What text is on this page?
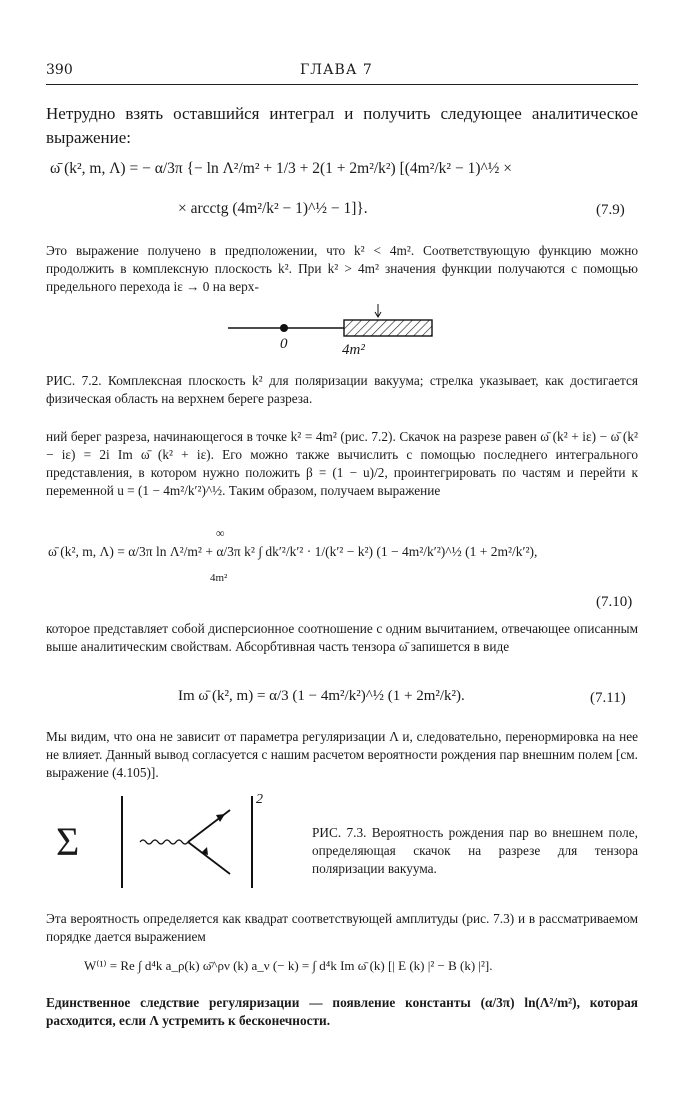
390	ГЛАВА 7
Нетрудно взять оставшийся интеграл и получить следующее аналитическое выражение:
ω̄ (k², m, Λ) = − α/3π {− ln Λ²/m² + 1/3 + 2(1 + 2m²/k²) [(4m²/k² − 1)^½ ×
× arcctg (4m²/k² − 1)^½ − 1]}.	(7.9)
Это выражение получено в предположении, что k² < 4m². Соответствующую функцию можно продолжить в комплексную плоскость k². При k² > 4m² значения функции получаются с помощью предельного перехода iε → 0 на верх-
0	4m²
РИС. 7.2. Комплексная плоскость k² для поляризации вакуума; стрелка указывает, как достигается физическая область на верхнем береге разреза.
ний берег разреза, начинающегося в точке k² = 4m² (рис. 7.2). Скачок на разрезе равен ω̄ (k² + iε) − ω̄ (k² − iε) = 2i Im ω̄ (k² + iε). Его можно также вычислить с помощью последнего интегрального представления, в котором нужно положить β = (1 − u)/2, проинтегрировать по частям и перейти к переменной u = (1 − 4m²/k′²)^½. Таким образом, получаем выражение
∞
ω̄ (k², m, Λ) = α/3π ln Λ²/m² + α/3π k² ∫ dk′²/k′² · 1/(k′² − k²) (1 − 4m²/k′²)^½ (1 + 2m²/k′²),
4m²
(7.10)
которое представляет собой дисперсионное соотношение с одним вычитанием, отвечающее описанным выше аналитическим свойствам. Абсорбтивная часть тензора ω̄ запишется в виде
Im ω̄ (k², m) = α/3 (1 − 4m²/k²)^½ (1 + 2m²/k²).	(7.11)
Мы видим, что она не зависит от параметра регуляризации Λ и, следовательно, перенормировка на нее не влияет. Данный вывод согласуется с нашим расчетом вероятности рождения пар внешним полем [см. выражение (4.105)].
Σ
2
РИС. 7.3. Вероятность рождения пар во внешнем поле, определяющая скачок на разрезе для тензора поляризации вакуума.
Эта вероятность определяется как квадрат соответствующей амплитуды (рис. 7.3) и в рассматриваемом порядке дается выражением
W⁽¹⁾ = Re ∫ d⁴k a_ρ(k) ω̄^ρν (k) a_ν (− k) = ∫ d⁴k Im ω̄ (k) [| E (k) |² − B (k) |²].
Единственное следствие регуляризации — появление константы (α/3π) ln(Λ²/m²), которая расходится, если Λ устремить к бесконечности.
